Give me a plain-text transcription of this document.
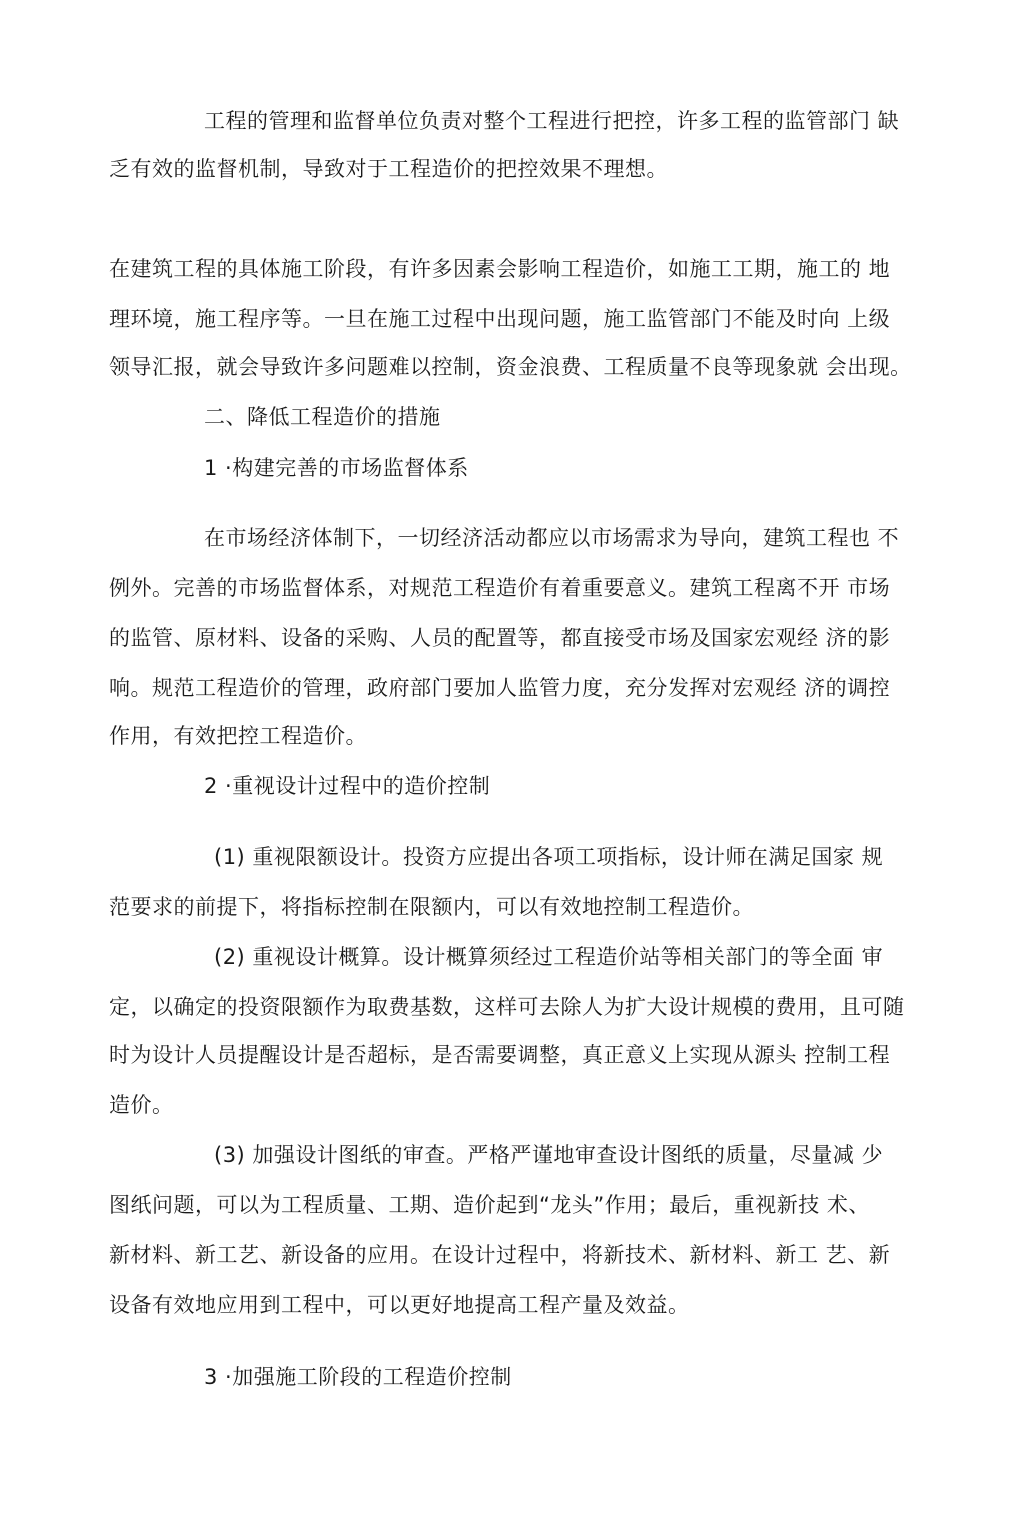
工程的管理和监督单位负责对整个工程进行把控，许多工程的监管部门 缺
乏有效的监督机制，导致对于工程造价的把控效果不理想。
在建筑工程的具体施工阶段，有许多因素会影响工程造价，如施工工期，施工的 地
理环境，施工程序等。一旦在施工过程中出现问题，施工监管部门不能及时向 上级
领导汇报，就会导致许多问题难以控制，资金浪费、工程质量不良等现象就 会出现。
二、降低工程造价的措施
1 ·构建完善的市场监督体系
在市场经济体制下，一切经济活动都应以市场需求为导向，建筑工程也 不
例外。完善的市场监督体系，对规范工程造价有着重要意义。建筑工程离不开 市场
的监管、原材料、设备的采购、人员的配置等，都直接受市场及国家宏观经 济的影
响。规范工程造价的管理，政府部门要加人监管力度，充分发挥对宏观经 济的调控
作用，有效把控工程造价。
2 ·重视设计过程中的造价控制
(1) 重视限额设计。投资方应提出各项工项指标，设计师在满足国家 规
范要求的前提下，将指标控制在限额内，可以有效地控制工程造价。
(2) 重视设计概算。设计概算须经过工程造价站等相关部门的等全面 审
定，以确定的投资限额作为取费基数，这样可去除人为扩大设计规模的费用，且可随
时为设计人员提醒设计是否超标，是否需要调整，真正意义上实现从源头 控制工程
造价。
(3) 加强设计图纸的审查。严格严谨地审查设计图纸的质量，尽量减 少
图纸问题，可以为工程质量、工期、造价起到“龙头”作用；最后，重视新技 术、
新材料、新工艺、新设备的应用。在设计过程中，将新技术、新材料、新工 艺、新
设备有效地应用到工程中，可以更好地提高工程产量及效益。
3 ·加强施工阶段的工程造价控制
